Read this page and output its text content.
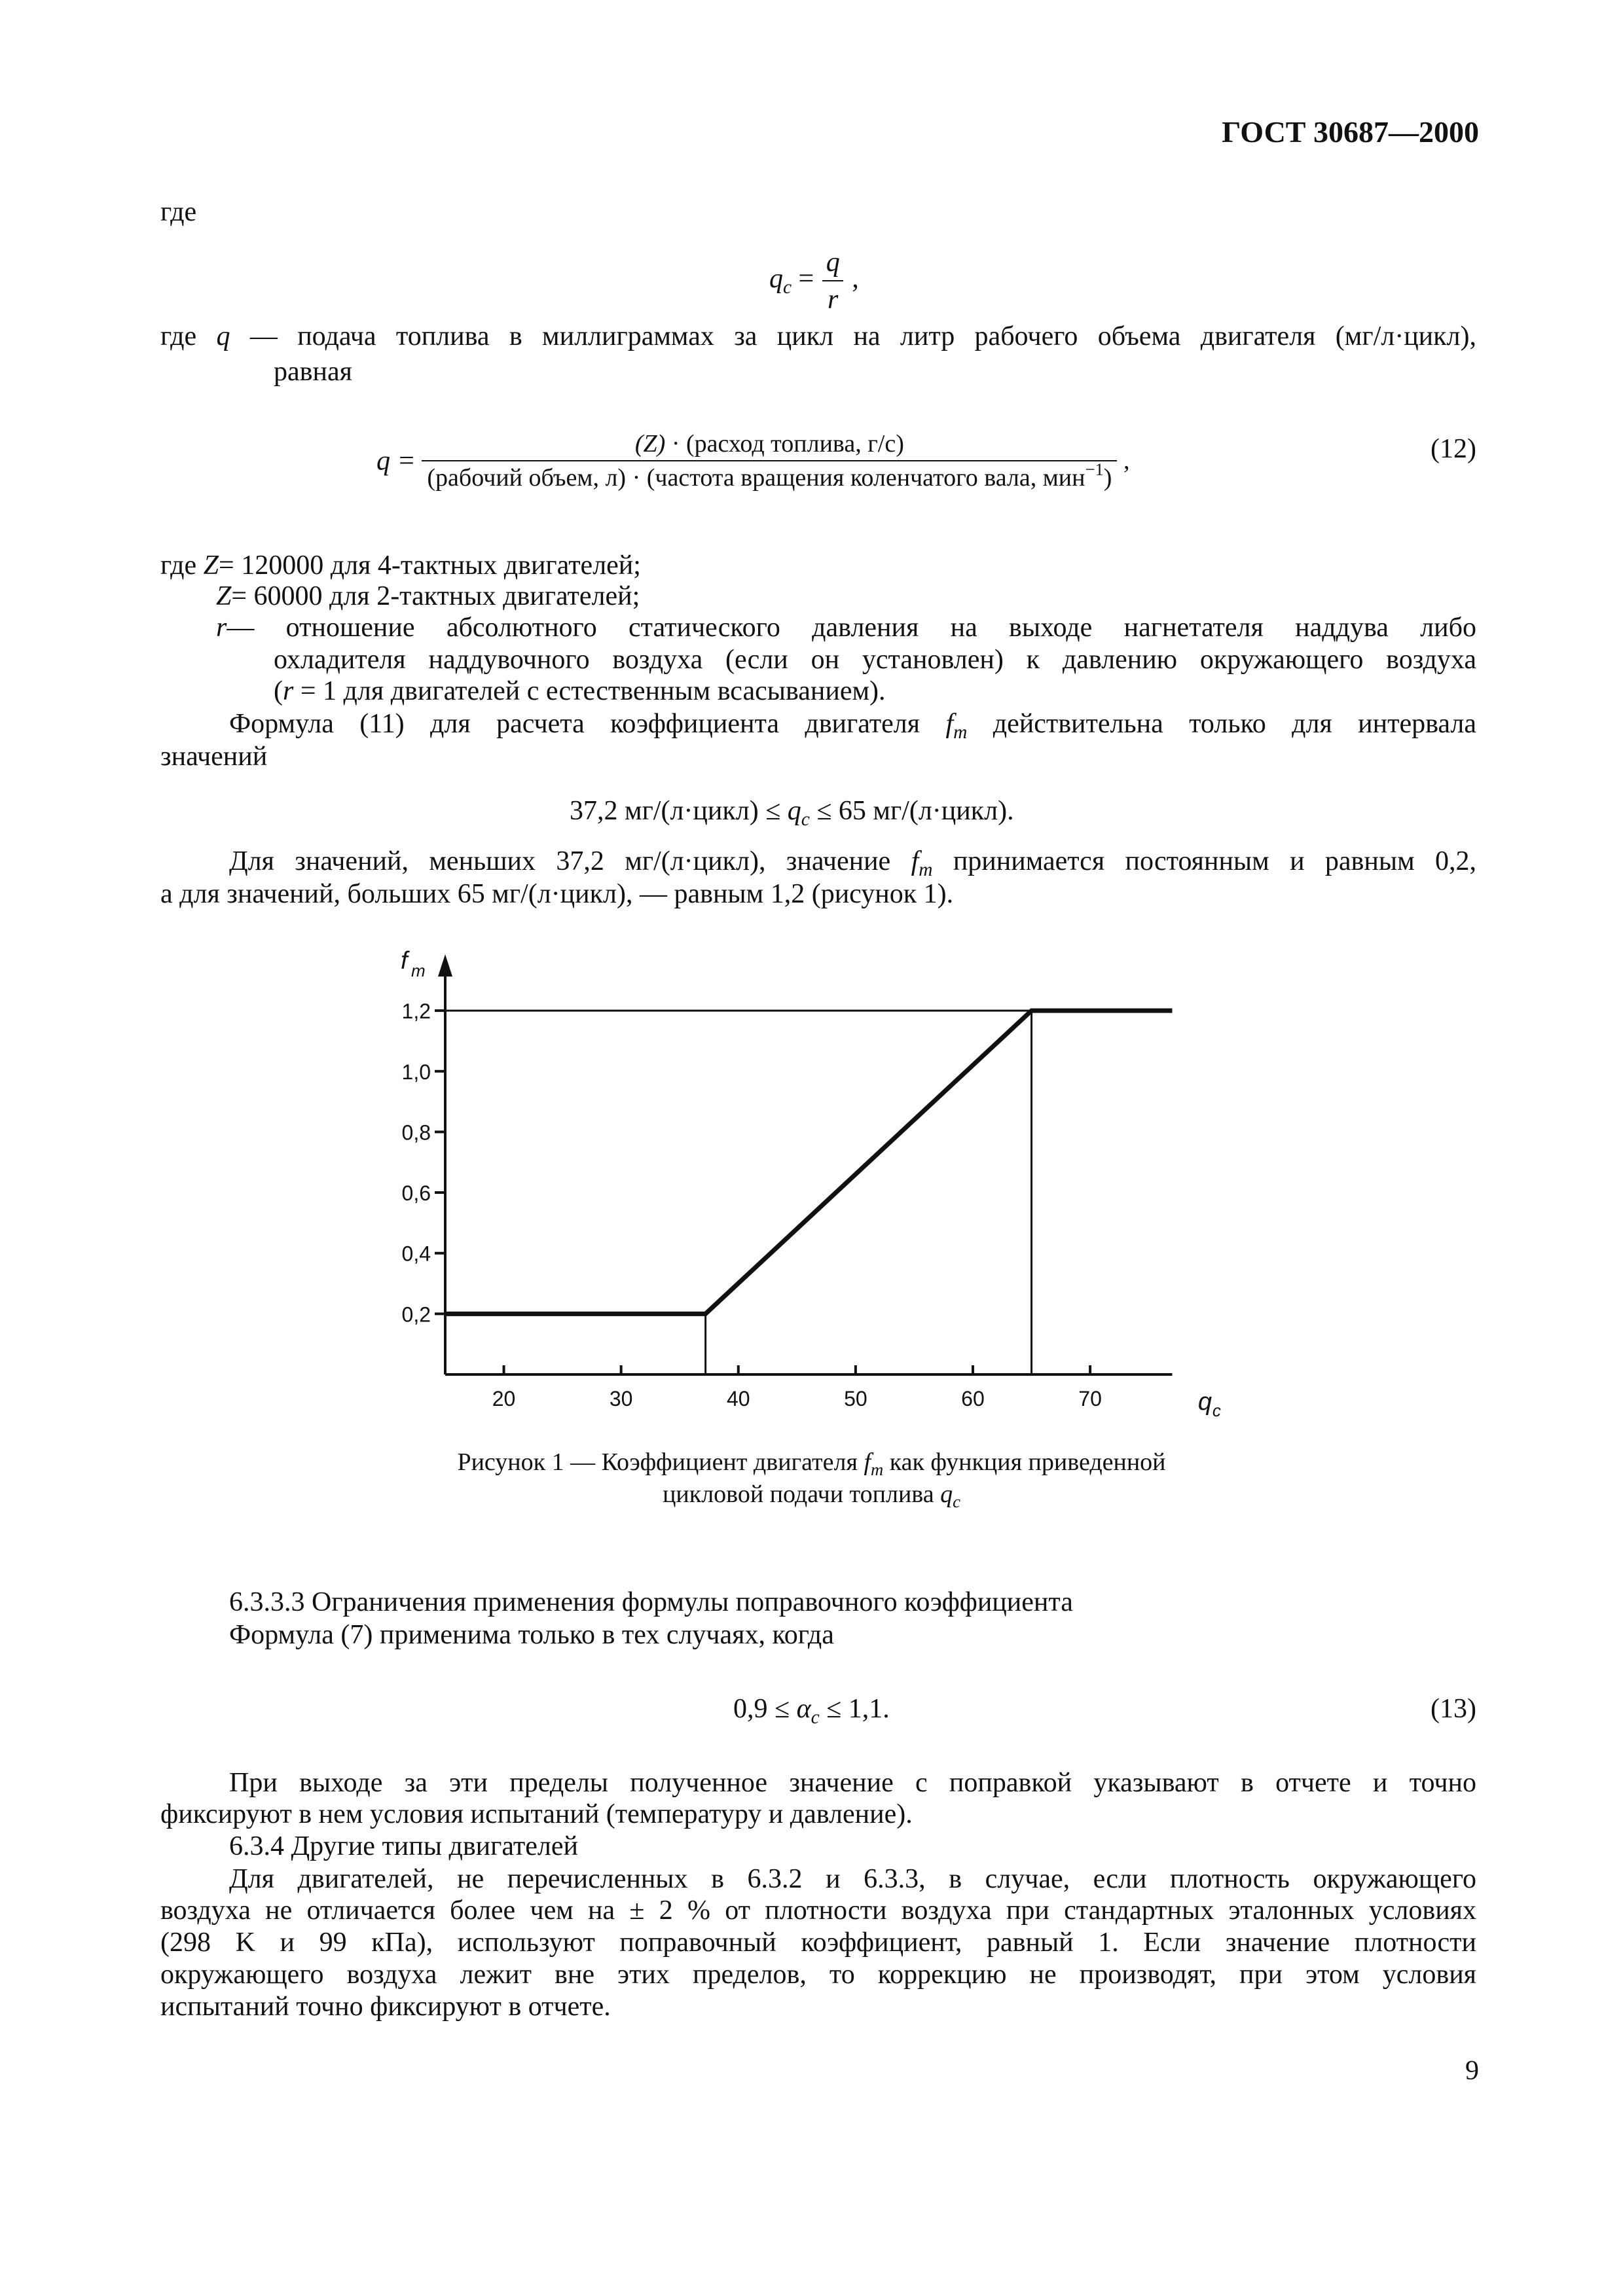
ГОСТ 30687—2000
где
$q_c = \frac{q}{r}$ ,
где q — подача топлива в миллиграммах за цикл на литр рабочего объема двигателя (мг/л·цикл),
равная
q =
(Z) · (расход топлива, г/с)
(рабочий объем, л) · (частота вращения коленчатого вала, мин$^{-1}$)
,	(12)
где Z= 120000 для 4-тактных двигателей;
Z= 60000 для 2-тактных двигателей;
r— отношение абсолютного статического давления на выходе нагнетателя наддува либо
охладителя наддувочного воздуха (если он установлен) к давлению окружающего воздуха
(r = 1 для двигателей с естественным всасыванием).
Формула (11) для расчета коэффициента двигателя $f_m$ действительна только для интервала
значений
37,2 мг/(л·цикл) ≤ $q_c \le 65$ мг/(л·цикл).
Для значений, меньших 37,2 мг/(л·цикл), значение $f_m$ принимается постоянным и равным 0,2,
а для значений, больших 65 мг/(л·цикл), — равным 1,2 (рисунок 1).
0,2
0,4
0,6
0,8
1,0
1,2
20	30	40	50	60	70
f m
q c
Рисунок 1 — Коэффициент двигателя $f_m$ как функция приведенной
цикловой подачи топлива $q_c$
6.3.3.3 Ограничения применения формулы поправочного коэффициента
Формула (7) применима только в тех случаях, когда
$0,9 \le \alpha_c \le 1,1$.	(13)
При выходе за эти пределы полученное значение с поправкой указывают в отчете и точно
фиксируют в нем условия испытаний (температуру и давление).
6.3.4 Другие типы двигателей
Для двигателей, не перечисленных в 6.3.2 и 6.3.3, в случае, если плотность окружающего
воздуха не отличается более чем на ± 2 % от плотности воздуха при стандартных эталонных условиях
(298 K и 99 кПа), используют поправочный коэффициент, равный 1. Если значение плотности
окружающего воздуха лежит вне этих пределов, то коррекцию не производят, при этом условия
испытаний точно фиксируют в отчете.
9
